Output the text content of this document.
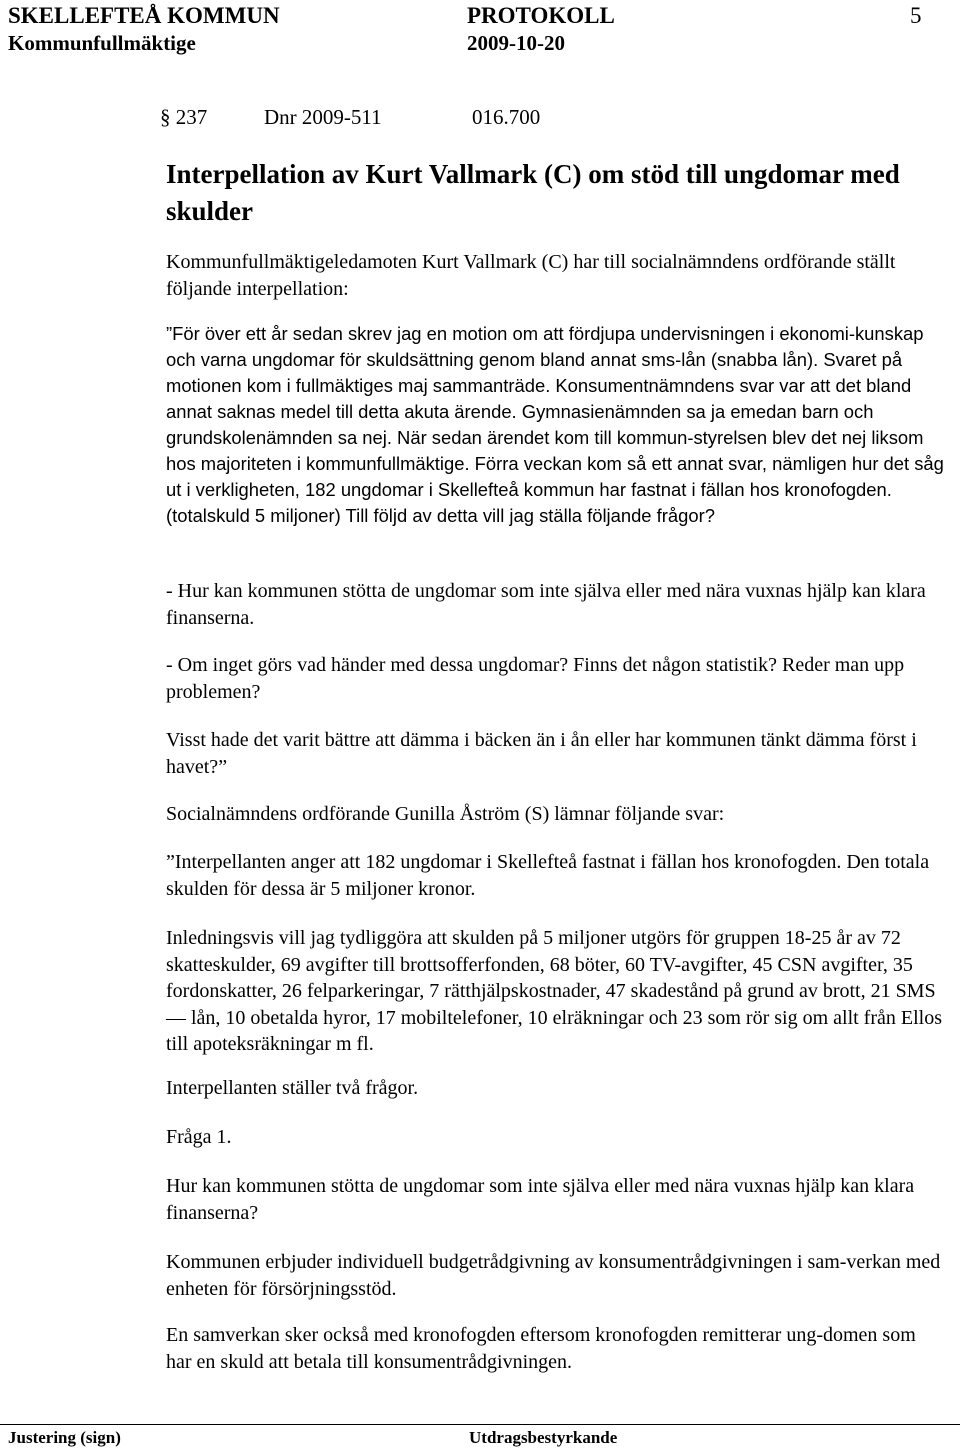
SKELLEFTEÅ KOMMUN	PROTOKOLL	5
Kommunfullmäktige	2009-10-20
§ 237	Dnr 2009-511	016.700
Interpellation av Kurt Vallmark (C) om stöd till ungdomar med skulder

Kommunfullmäktigeledamoten Kurt Vallmark (C) har till socialnämndens ordförande ställt följande interpellation:

”För över ett år sedan skrev jag en motion om att fördjupa undervisningen i ekonomi-kunskap och varna ungdomar för skuldsättning genom bland annat sms-lån (snabba lån). Svaret på motionen kom i fullmäktiges maj sammanträde. Konsumentnämndens svar var att det bland annat saknas medel till detta akuta ärende. Gymnasienämnden sa ja emedan barn och grundskolenämnden sa nej. När sedan ärendet kom till kommun-styrelsen blev det nej liksom hos majoriteten i kommunfullmäktige. Förra veckan kom så ett annat svar, nämligen hur det såg ut i verkligheten, 182 ungdomar i Skellefteå kommun har fastnat i fällan hos kronofogden.(totalskuld 5 miljoner) Till följd av detta vill jag ställa följande frågor?

- Hur kan kommunen stötta de ungdomar som inte själva eller med nära vuxnas hjälp kan klara finanserna.

- Om inget görs vad händer med dessa ungdomar? Finns det någon statistik? Reder man upp problemen?

Visst hade det varit bättre att dämma i bäcken än i ån eller har kommunen tänkt dämma först i havet?”

Socialnämndens ordförande Gunilla Åström (S) lämnar följande svar:

”Interpellanten anger att 182 ungdomar i Skellefteå fastnat i fällan hos kronofogden. Den totala skulden för dessa är 5 miljoner kronor.

Inledningsvis vill jag tydliggöra att skulden på 5 miljoner utgörs för gruppen 18-25 år av 72 skatteskulder, 69 avgifter till brottsofferfonden, 68 böter, 60 TV-avgifter, 45 CSN avgifter, 35 fordonskatter, 26 felparkeringar, 7 rätthjälpskostnader, 47 skadestånd på grund av brott, 21 SMS — lån, 10 obetalda hyror, 17 mobiltelefoner, 10 elräkningar och 23 som rör sig om allt från Ellos till apoteksräkningar m fl.

Interpellanten ställer två frågor.

Fråga 1.

Hur kan kommunen stötta de ungdomar som inte själva eller med nära vuxnas hjälp kan klara finanserna?

Kommunen erbjuder individuell budgetrådgivning av konsumentrådgivningen i sam-verkan med enheten för försörjningsstöd.

En samverkan sker också med kronofogden eftersom kronofogden remitterar ung-domen som har en skuld att betala till konsumentrådgivningen.

Justering (sign)	Utdragsbestyrkande
